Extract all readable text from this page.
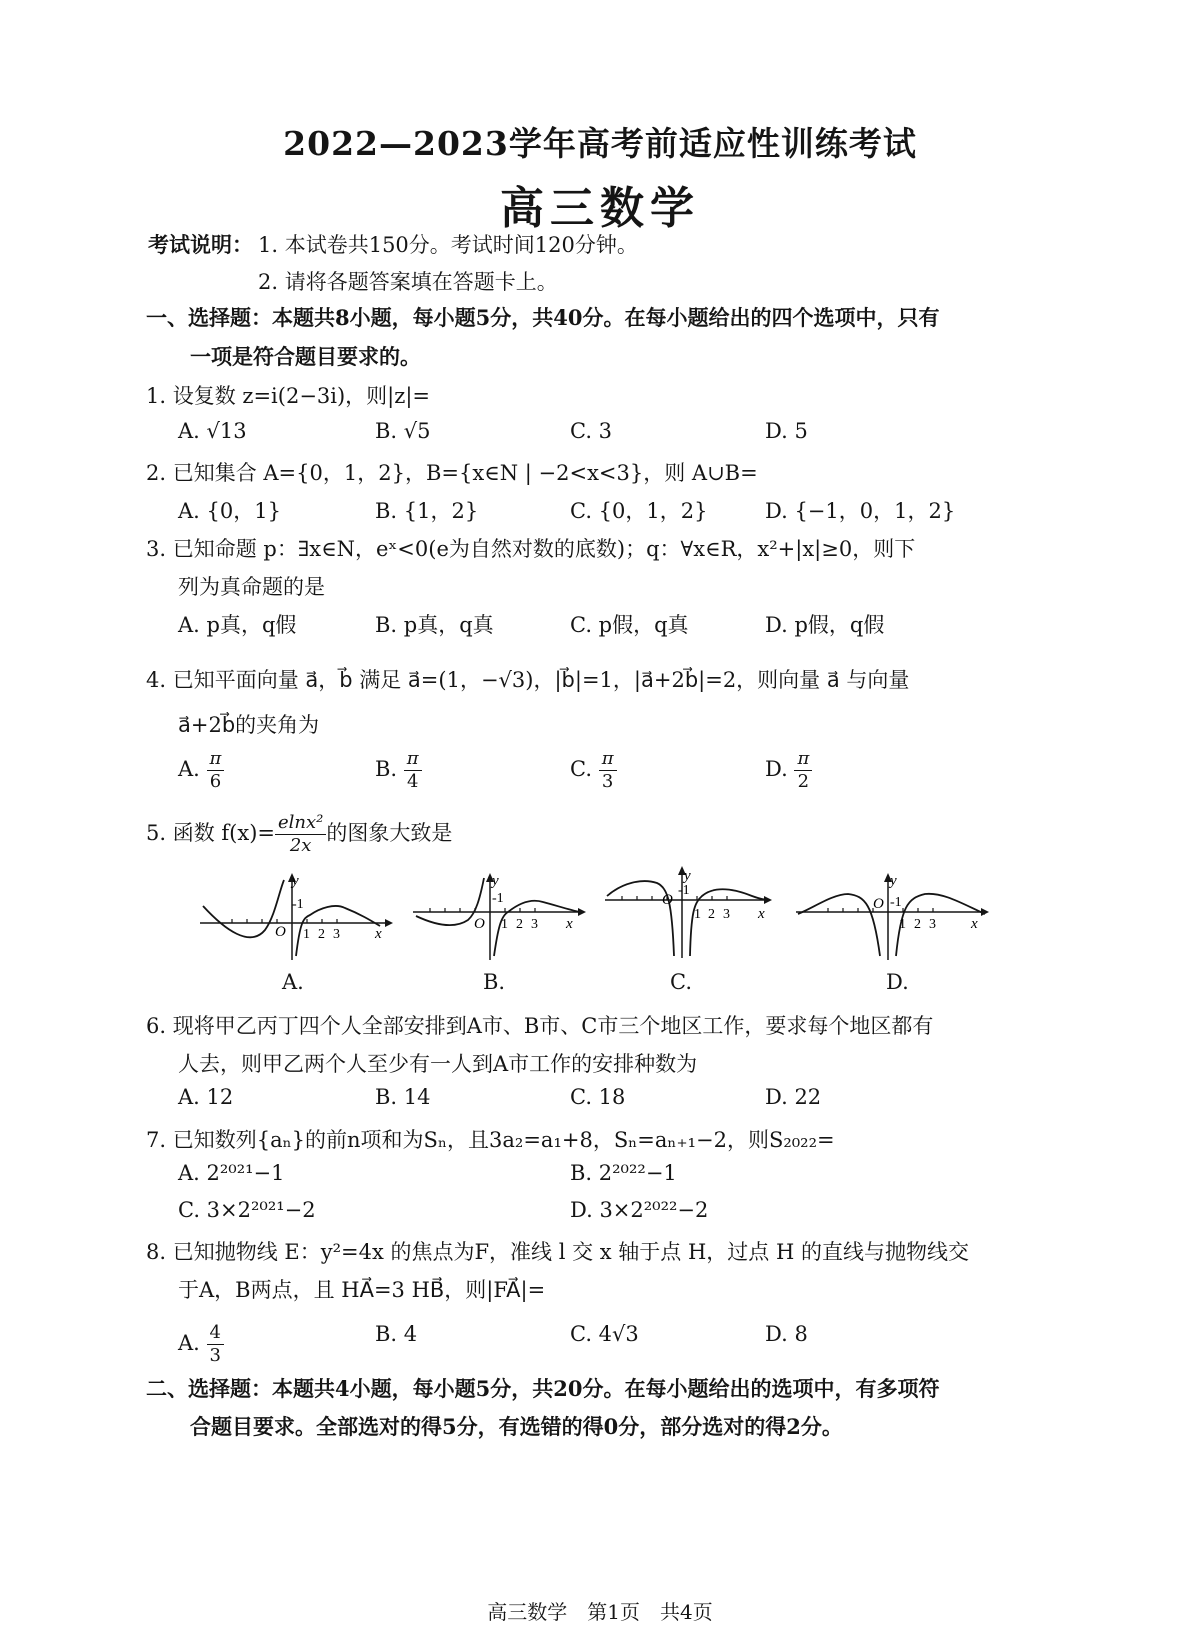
2022—2023学年高考前适应性训练考试
高三数学
考试说明： 1. 本试卷共150分。考试时间120分钟。
2. 请将各题答案填在答题卡上。
一、选择题：本题共8小题，每小题5分，共40分。在每小题给出的四个选项中，只有
一项是符合题目要求的。
1. 设复数 z=i(2−3i)，则|z|=
A. √13	B. √5	C. 3	D. 5
2. 已知集合 A={0，1，2}，B={x∈N | −2<x<3}，则 A∪B=
A. {0，1}	B. {1，2}	C. {0，1，2}	D. {−1，0，1，2}
3. 已知命题 p：∃x∈N，eˣ<0(e为自然对数的底数)；q：∀x∈R，x²+|x|≥0，则下
列为真命题的是
A. p真，q假	B. p真，q真	C. p假，q真	D. p假，q假
4. 已知平面向量 a⃗，b⃗ 满足 a⃗=(1，−√3)，|b⃗|=1，|a⃗+2b⃗|=2，则向量 a⃗ 与向量
a⃗+2b⃗的夹角为
A. $\frac{\pi}{6}$	B. $\frac{\pi}{4}$	C. $\frac{\pi}{3}$	D. $\frac{\pi}{2}$
5. 函数 $f(x)= \frac{\text{elnx²}}{2x}$ 的图象大致是
y
-1
O 1 2 3 x
y
-1
O 1 2 3 x
y
-1
O
1 2 3 x
y
-1
O
1 2 3 x
A.	B.	C.	D.
6. 现将甲乙丙丁四个人全部安排到A市、B市、C市三个地区工作，要求每个地区都有
人去，则甲乙两个人至少有一人到A市工作的安排种数为
A. 12	B. 14	C. 18	D. 22
7. 已知数列{aₙ}的前n项和为Sₙ，且3a₂=a₁+8，Sₙ=aₙ₊₁−2，则S₂₀₂₂=
A. 2²⁰²¹−1	B. 2²⁰²²−1
C. 3×2²⁰²¹−2	D. 3×2²⁰²²−2
8. 已知抛物线 E：y²=4x 的焦点为F，准线 l 交 x 轴于点 H，过点 H 的直线与抛物线交
于A，B两点，且 HA⃗=3 HB⃗，则|FA⃗|=
A. $\frac{4}{3}$	B. 4	C. 4√3	D. 8
二、选择题：本题共4小题，每小题5分，共20分。在每小题给出的选项中，有多项符
合题目要求。全部选对的得5分，有选错的得0分，部分选对的得2分。
高三数学　第1页　共4页
